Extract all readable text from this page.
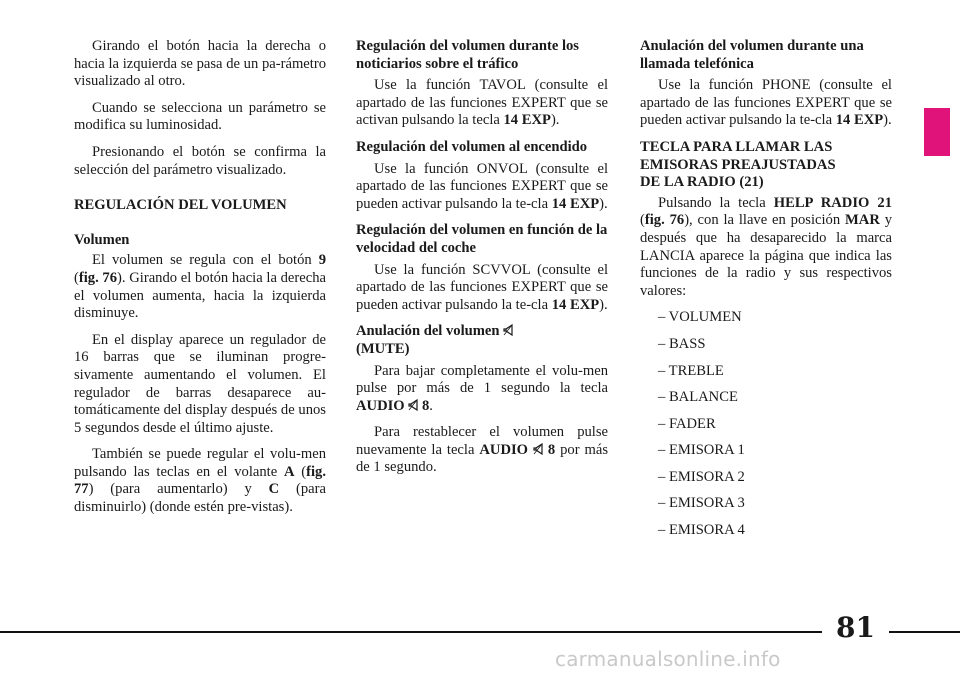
Girando el botón hacia la derecha o hacia la izquierda se pasa de un pa-rámetro visualizado al otro.

Cuando se selecciona un parámetro se modifica su luminosidad.

Presionando el botón se confirma la selección del parámetro visualizado.

REGULACIÓN DEL VOLUMEN

Volumen

El volumen se regula con el botón 9 (fig. 76). Girando el botón hacia la derecha el volumen aumenta, hacia la izquierda disminuye.

En el display aparece un regulador de 16 barras que se iluminan progre-sivamente aumentando el volumen. El regulador de barras desaparece au-tomáticamente del display después de unos 5 segundos desde el último ajuste.

También se puede regular el volu-men pulsando las teclas en el volante A (fig. 77) (para aumentarlo) y C (para disminuirlo) (donde estén pre-vistas).

Regulación del volumen durante los noticiarios sobre el tráfico

Use la función TAVOL (consulte el apartado de las funciones EXPERT que se activan pulsando la tecla 14 EXP).

Regulación del volumen al encendido

Use la función ONVOL (consulte el apartado de las funciones EXPERT que se pueden activar pulsando la te-cla 14 EXP).

Regulación del volumen en función de la velocidad del coche

Use la función SCVVOL (consulte el apartado de las funciones EXPERT que se pueden activar pulsando la te-cla 14 EXP).

Anulación del volumen

(MUTE)

Para bajar completamente el volu-men pulse por más de 1 segundo la tecla AUDIO
8.

Para restablecer el volumen pulse nuevamente la tecla AUDIO
8 por más de 1 segundo.

Anulación del volumen durante una llamada telefónica

Use la función PHONE (consulte el apartado de las funciones EXPERT que se pueden activar pulsando la te-cla 14 EXP).

TECLA PARA LLAMAR LAS
EMISORAS PREAJUSTADAS
DE LA RADIO (21)

Pulsando la tecla HELP RADIO 21 (fig. 76), con la llave en posición MAR y después que ha desaparecido la marca LANCIA aparece la página que indica las funciones de la radio y sus respectivos valores:

– VOLUMEN

– BASS

– TREBLE

– BALANCE

– FADER

– EMISORA 1

– EMISORA 2

– EMISORA 3

– EMISORA 4

81
carmanualsonline.info
